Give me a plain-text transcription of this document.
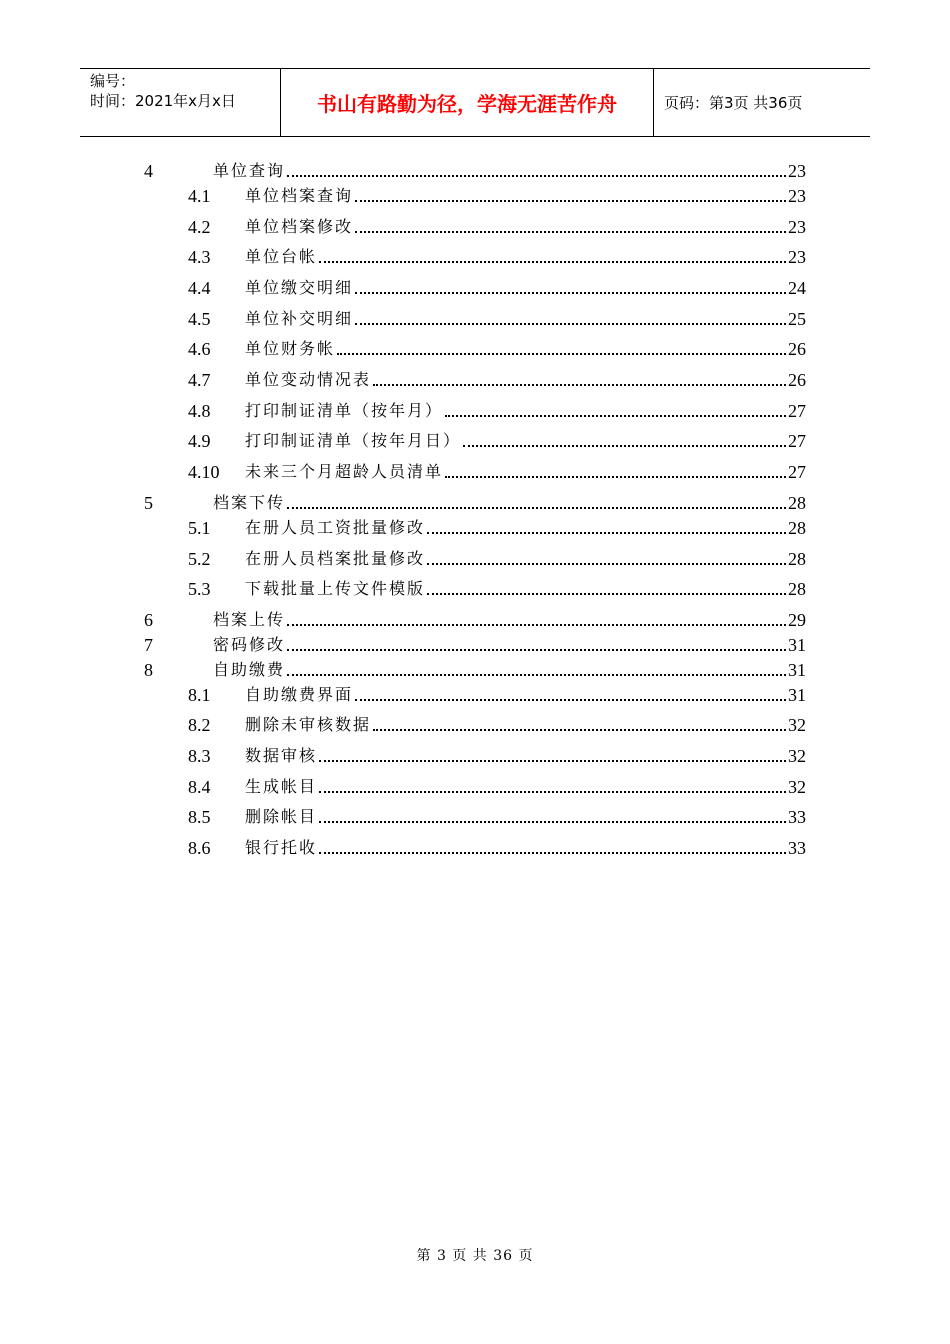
编号：
时间：2021年x月x日	书山有路勤为径，学海无涯苦作舟	页码：第3页 共36页
4	单位查询	23
4.1	单位档案查询	23
4.2	单位档案修改	23
4.3	单位台帐	23
4.4	单位缴交明细	24
4.5	单位补交明细	25
4.6	单位财务帐	26
4.7	单位变动情况表	26
4.8	打印制证清单（按年月）	27
4.9	打印制证清单（按年月日）	27
4.10	未来三个月超龄人员清单	27
5	档案下传	28
5.1	在册人员工资批量修改	28
5.2	在册人员档案批量修改	28
5.3	下载批量上传文件模版	28
6	档案上传	29
7	密码修改	31
8	自助缴费	31
8.1	自助缴费界面	31
8.2	删除未审核数据	32
8.3	数据审核	32
8.4	生成帐目	32
8.5	删除帐目	33
8.6	银行托收	33
第 3 页 共 36 页
